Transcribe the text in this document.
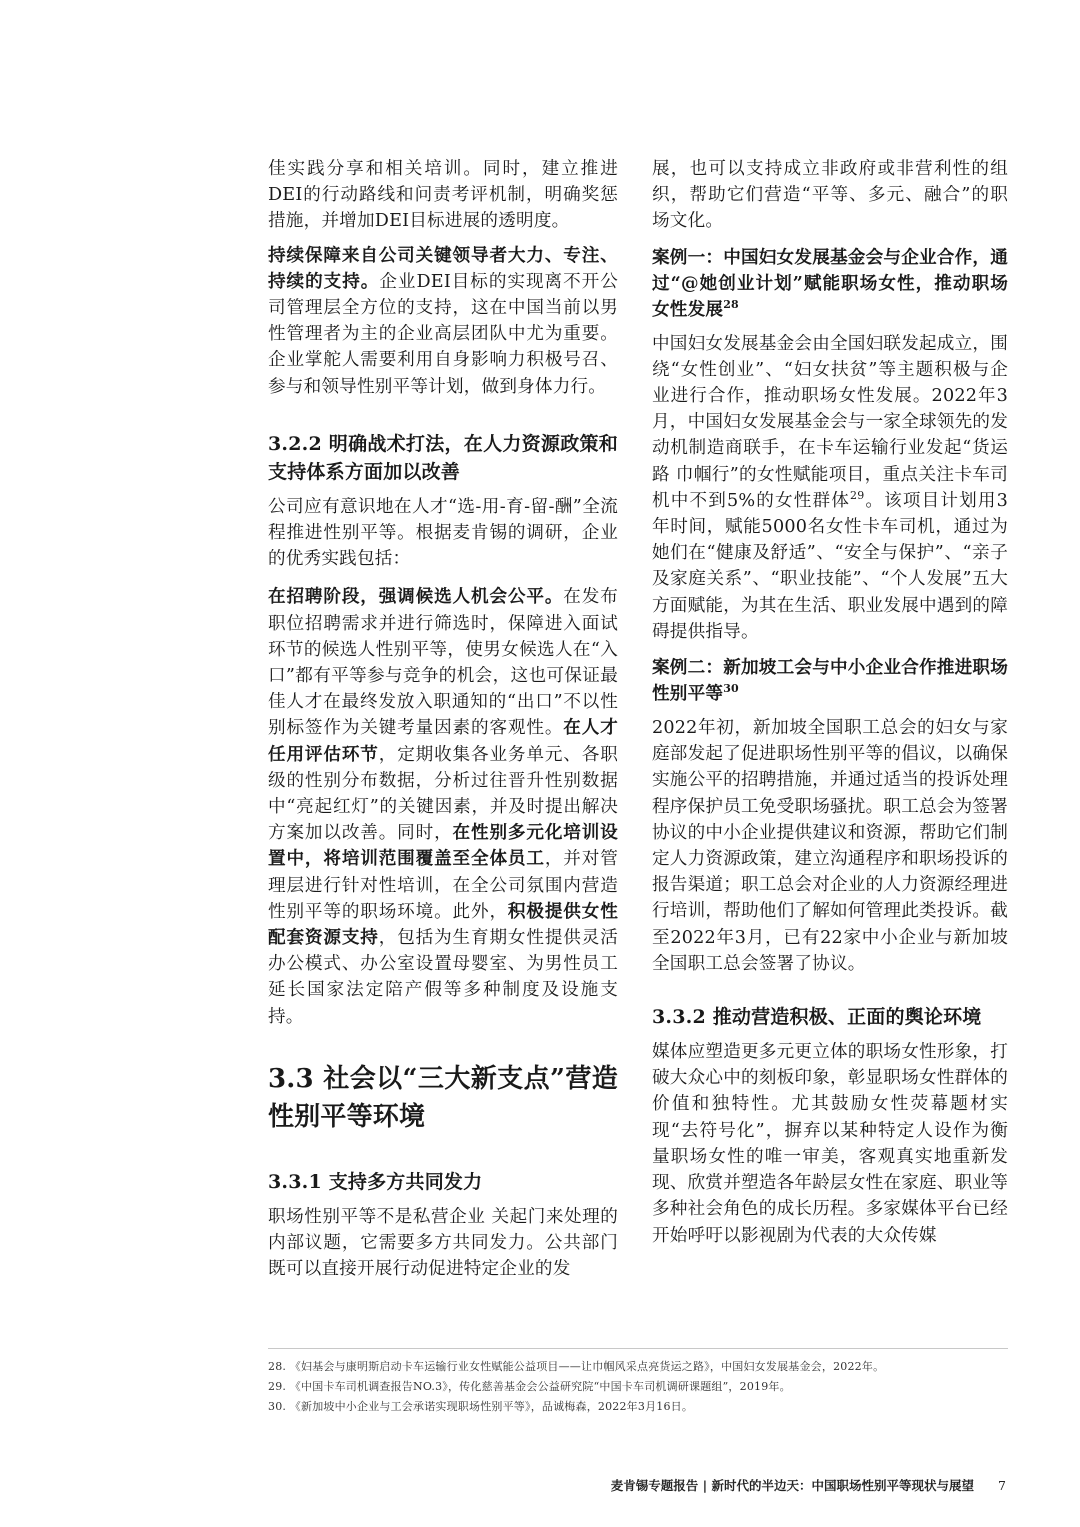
佳实践分享和相关培训。同时，建立推进DEI的行动路线和问责考评机制，明确奖惩措施，并增加DEI目标进展的透明度。

持续保障来自公司关键领导者大力、专注、持续的支持。企业DEI目标的实现离不开公司管理层全方位的支持，这在中国当前以男性管理者为主的企业高层团队中尤为重要。企业掌舵人需要利用自身影响力积极号召、参与和领导性别平等计划，做到身体力行。

3.2.2 明确战术打法，在人力资源政策和支持体系方面加以改善

公司应有意识地在人才“选-用-育-留-酬”全流程推进性别平等。根据麦肯锡的调研，企业的优秀实践包括：

在招聘阶段，强调候选人机会公平。在发布职位招聘需求并进行筛选时，保障进入面试环节的候选人性别平等，使男女候选人在“入口”都有平等参与竞争的机会，这也可保证最佳人才在最终发放入职通知的“出口”不以性别标签作为关键考量因素的客观性。在人才任用评估环节，定期收集各业务单元、各职级的性别分布数据，分析过往晋升性别数据中“亮起红灯”的关键因素，并及时提出解决方案加以改善。同时，在性别多元化培训设置中，将培训范围覆盖至全体员工，并对管理层进行针对性培训，在全公司氛围内营造性别平等的职场环境。此外，积极提供女性配套资源支持，包括为生育期女性提供灵活办公模式、办公室设置母婴室、为男性员工延长国家法定陪产假等多种制度及设施支持。

3.3 社会以“三大新支点”营造性别平等环境

3.3.1 支持多方共同发力

职场性别平等不是私营企业 关起门来处理的内部议题，它需要多方共同发力。公共部门既可以直接开展行动促进特定企业的发

展，也可以支持成立非政府或非营利性的组织，帮助它们营造“平等、多元、融合”的职场文化。

案例一：中国妇女发展基金会与企业合作，通过“@她创业计划”赋能职场女性，推动职场女性发展$^{28}$

中国妇女发展基金会由全国妇联发起成立，围绕“女性创业”、“妇女扶贫”等主题积极与企业进行合作，推动职场女性发展。2022年3月，中国妇女发展基金会与一家全球领先的发动机制造商联手，在卡车运输行业发起“货运路 巾帼行”的女性赋能项目，重点关注卡车司机中不到5%的女性群体$^{29}$。该项目计划用3年时间，赋能5000名女性卡车司机，通过为她们在“健康及舒适”、“安全与保护”、“亲子及家庭关系”、“职业技能”、“个人发展”五大方面赋能，为其在生活、职业发展中遇到的障碍提供指导。

案例二：新加坡工会与中小企业合作推进职场性别平等$^{30}$

2022年初，新加坡全国职工总会的妇女与家庭部发起了促进职场性别平等的倡议，以确保实施公平的招聘措施，并通过适当的投诉处理程序保护员工免受职场骚扰。职工总会为签署协议的中小企业提供建议和资源，帮助它们制定人力资源政策，建立沟通程序和职场投诉的报告渠道；职工总会对企业的人力资源经理进行培训，帮助他们了解如何管理此类投诉。截至2022年3月，已有22家中小企业与新加坡全国职工总会签署了协议。

3.3.2 推动营造积极、正面的舆论环境

媒体应塑造更多元更立体的职场女性形象，打破大众心中的刻板印象，彰显职场女性群体的价值和独特性。尤其鼓励女性荧幕题材实现“去符号化”，摒弃以某种特定人设作为衡量职场女性的唯一审美，客观真实地重新发现、欣赏并塑造各年龄层女性在家庭、职业等多种社会角色的成长历程。多家媒体平台已经开始呼吁以影视剧为代表的大众传媒

28. 《妇基会与康明斯启动卡车运输行业女性赋能公益项目——让巾帼风采点亮货运之路》，中国妇女发展基金会，2022年。

29. 《中国卡车司机调查报告NO.3》，传化慈善基金会公益研究院“中国卡车司机调研课题组”，2019年。

30. 《新加坡中小企业与工会承诺实现职场性别平等》，品诚梅森，2022年3月16日。

麦肯锡专题报告 | 新时代的半边天：中国职场性别平等现状与展望 7
